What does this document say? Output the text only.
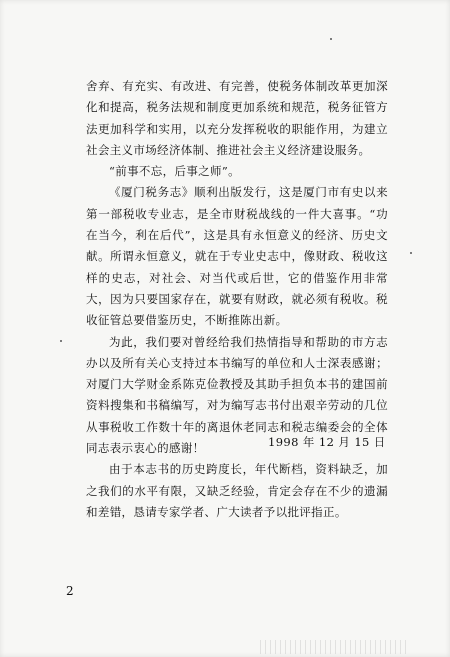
舍弃、有充实、有改进、有完善，使税务体制改革更加深化和提高，税务法规和制度更加系统和规范，税务征管方法更加科学和实用，以充分发挥税收的职能作用，为建立社会主义市场经济体制、推进社会主义经济建设服务。

“前事不忘，后事之师”。

《厦门税务志》顺利出版发行，这是厦门市有史以来第一部税收专业志，是全市财税战线的一件大喜事。“功在当今，利在后代”，这是具有永恒意义的经济、历史文献。所谓永恒意义，就在于专业史志中，像财政、税收这样的史志，对社会、对当代或后世，它的借鉴作用非常大，因为只要国家存在，就要有财政，就必须有税收。税收征管总要借鉴历史，不断推陈出新。

为此，我们要对曾经给我们热情指导和帮助的市方志办以及所有关心支持过本书编写的单位和人士深表感谢；对厦门大学财金系陈克俭教授及其助手担负本书的建国前资料搜集和书稿编写，对为编写志书付出艰辛劳动的几位从事税收工作数十年的离退休老同志和税志编委会的全体同志表示衷心的感谢！

由于本志书的历史跨度长，年代断档，资料缺乏，加之我们的水平有限，又缺乏经验，肯定会存在不少的遗漏和差错，恳请专家学者、广大读者予以批评指正。

1998 年 12 月 15 日
2
